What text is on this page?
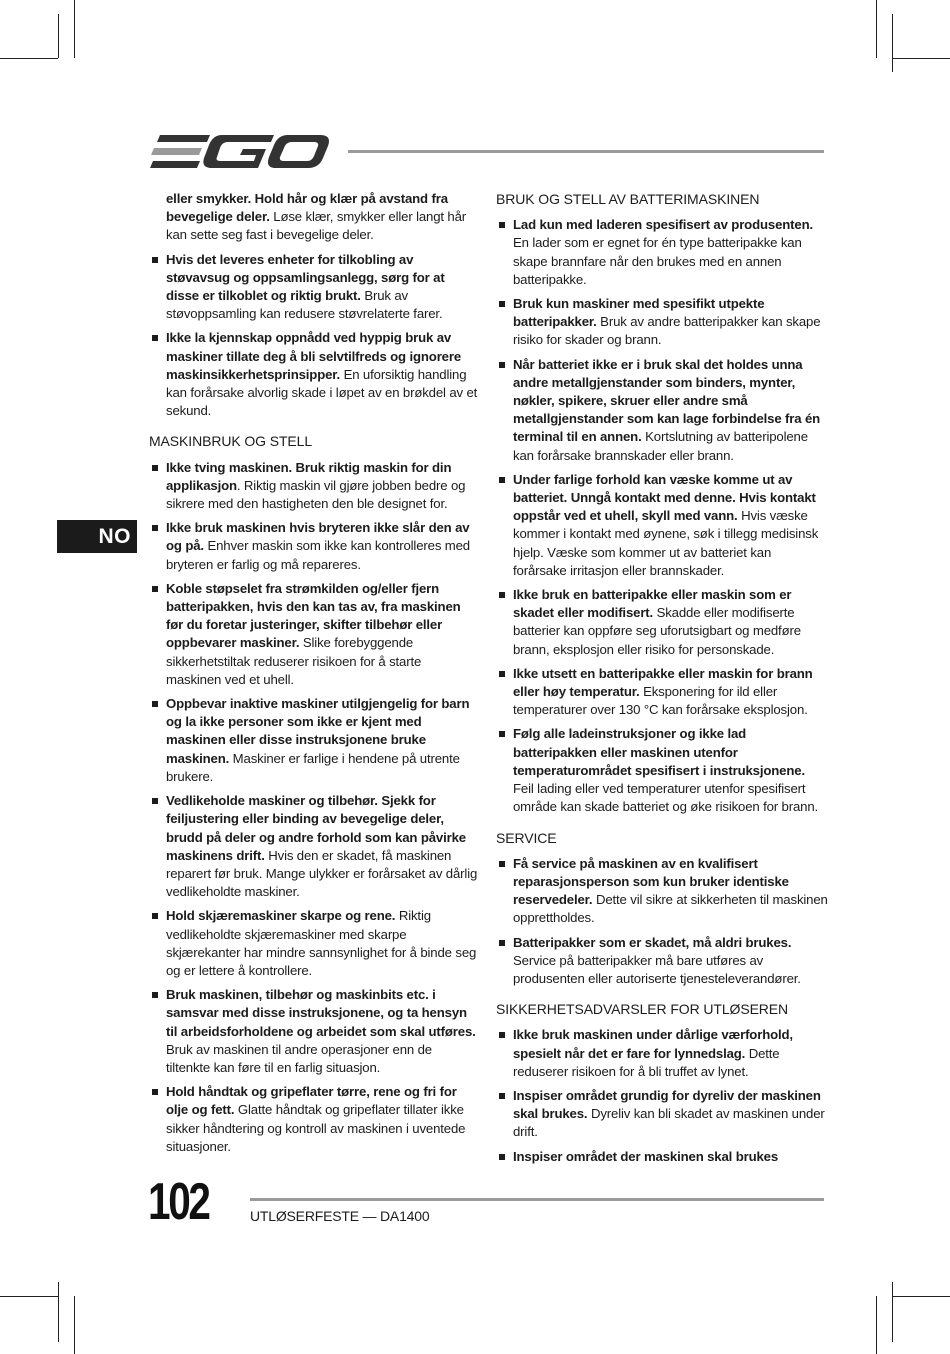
NO
eller smykker. Hold hår og klær på avstand fra bevegelige deler. Løse klær, smykker eller langt hår kan sette seg fast i bevegelige deler.
Hvis det leveres enheter for tilkobling av støvavsug og oppsamlingsanlegg, sørg for at disse er tilkoblet og riktig brukt. Bruk av støvoppsamling kan redusere støvrelaterte farer.
Ikke la kjennskap oppnådd ved hyppig bruk av maskiner tillate deg å bli selvtilfreds og ignorere maskinsikkerhetsprinsipper. En uforsiktig handling kan forårsake alvorlig skade i løpet av en brøkdel av et sekund.
MASKINBRUK OG STELL
Ikke tving maskinen. Bruk riktig maskin for din applikasjon. Riktig maskin vil gjøre jobben bedre og sikrere med den hastigheten den ble designet for.
Ikke bruk maskinen hvis bryteren ikke slår den av og på. Enhver maskin som ikke kan kontrolleres med bryteren er farlig og må repareres.
Koble støpselet fra strømkilden og/eller fjern batteripakken, hvis den kan tas av, fra maskinen før du foretar justeringer, skifter tilbehør eller oppbevarer maskiner. Slike forebyggende sikkerhetstiltak reduserer risikoen for å starte maskinen ved et uhell.
Oppbevar inaktive maskiner utilgjengelig for barn og la ikke personer som ikke er kjent med maskinen eller disse instruksjonene bruke maskinen. Maskiner er farlige i hendene på utrente brukere.
Vedlikeholde maskiner og tilbehør. Sjekk for feiljustering eller binding av bevegelige deler, brudd på deler og andre forhold som kan påvirke maskinens drift. Hvis den er skadet, få maskinen reparert før bruk. Mange ulykker er forårsaket av dårlig vedlikeholdte maskiner.
Hold skjæremaskiner skarpe og rene. Riktig vedlikeholdte skjæremaskiner med skarpe skjærekanter har mindre sannsynlighet for å binde seg og er lettere å kontrollere.
Bruk maskinen, tilbehør og maskinbits etc. i samsvar med disse instruksjonene, og ta hensyn til arbeidsforholdene og arbeidet som skal utføres. Bruk av maskinen til andre operasjoner enn de tiltenkte kan føre til en farlig situasjon.
Hold håndtak og gripeflater tørre, rene og fri for olje og fett. Glatte håndtak og gripeflater tillater ikke sikker håndtering og kontroll av maskinen i uventede situasjoner.
BRUK OG STELL AV BATTERIMASKINEN
Lad kun med laderen spesifisert av produsenten. En lader som er egnet for én type batteripakke kan skape brannfare når den brukes med en annen batteripakke.
Bruk kun maskiner med spesifikt utpekte batteripakker. Bruk av andre batteripakker kan skape risiko for skader og brann.
Når batteriet ikke er i bruk skal det holdes unna andre metallgjenstander som binders, mynter, nøkler, spikere, skruer eller andre små metallgjenstander som kan lage forbindelse fra én terminal til en annen. Kortslutning av batteripolene kan forårsake brannskader eller brann.
Under farlige forhold kan væske komme ut av batteriet. Unngå kontakt med denne. Hvis kontakt oppstår ved et uhell, skyll med vann. Hvis væske kommer i kontakt med øynene, søk i tillegg medisinsk hjelp. Væske som kommer ut av batteriet kan forårsake irritasjon eller brannskader.
Ikke bruk en batteripakke eller maskin som er skadet eller modifisert. Skadde eller modifiserte batterier kan oppføre seg uforutsigbart og medføre brann, eksplosjon eller risiko for personskade.
Ikke utsett en batteripakke eller maskin for brann eller høy temperatur. Eksponering for ild eller temperaturer over 130 °C kan forårsake eksplosjon.
Følg alle ladeinstruksjoner og ikke lad batteripakken eller maskinen utenfor temperaturområdet spesifisert i instruksjonene. Feil lading eller ved temperaturer utenfor spesifisert område kan skade batteriet og øke risikoen for brann.
SERVICE
Få service på maskinen av en kvalifisert reparasjonsperson som kun bruker identiske reservedeler. Dette vil sikre at sikkerheten til maskinen opprettholdes.
Batteripakker som er skadet, må aldri brukes. Service på batteripakker må bare utføres av produsenten eller autoriserte tjenesteleverandører.
SIKKERHETSADVARSLER FOR UTLØSEREN
Ikke bruk maskinen under dårlige værforhold, spesielt når det er fare for lynnedslag. Dette reduserer risikoen for å bli truffet av lynet.
Inspiser området grundig for dyreliv der maskinen skal brukes. Dyreliv kan bli skadet av maskinen under drift.
Inspiser området der maskinen skal brukes
102	UTLØSERFESTE — DA1400
